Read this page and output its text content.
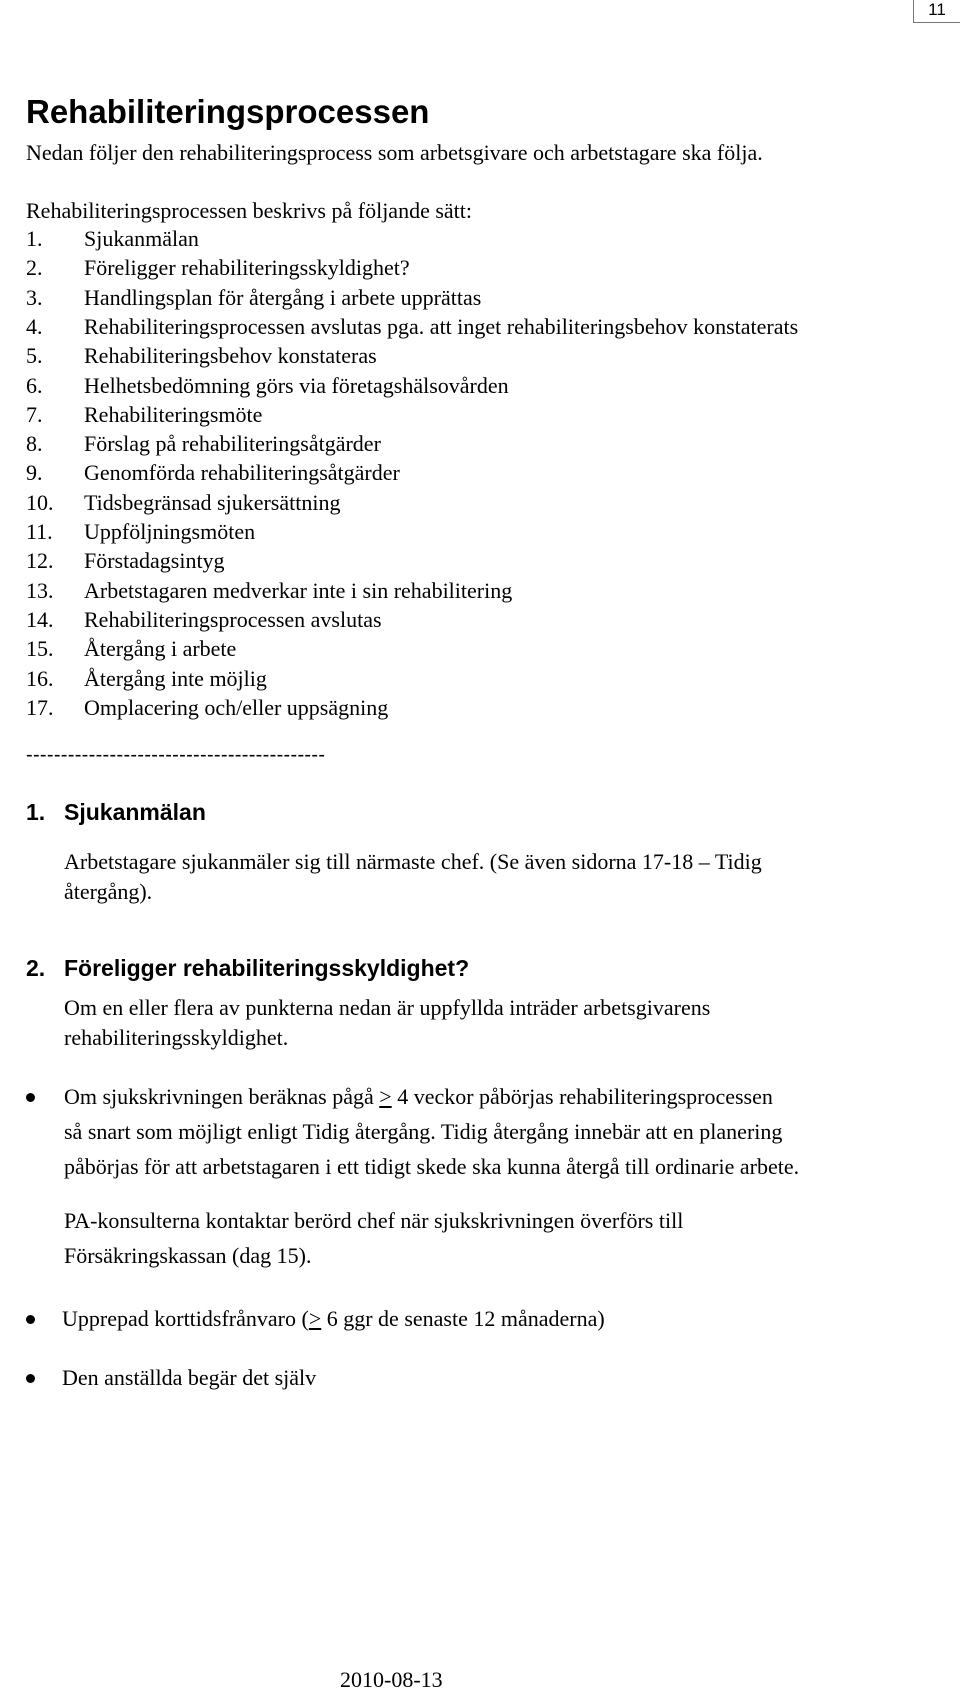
11
Rehabiliteringsprocessen
Nedan följer den rehabiliteringsprocess som arbetsgivare och arbetstagare ska följa.
Rehabiliteringsprocessen beskrivs på följande sätt:
1. Sjukanmälan
2. Föreligger rehabiliteringsskyldighet?
3. Handlingsplan för återgång i arbete upprättas
4. Rehabiliteringsprocessen avslutas pga. att inget rehabiliteringsbehov konstaterats
5. Rehabiliteringsbehov konstateras
6. Helhetsbedömning görs via företagshälsovården
7. Rehabiliteringsmöte
8. Förslag på rehabiliteringsåtgärder
9. Genomförda rehabiliteringsåtgärder
10. Tidsbegränsad sjukersättning
11. Uppföljningsmöten
12. Förstadagsintyg
13. Arbetstagaren medverkar inte i sin rehabilitering
14. Rehabiliteringsprocessen avslutas
15. Återgång i arbete
16. Återgång inte möjlig
17. Omplacering och/eller uppsägning
-------------------------------------------
1. Sjukanmälan
Arbetstagare sjukanmäler sig till närmaste chef. (Se även sidorna 17-18 – Tidig
återgång).
2. Föreligger rehabiliteringsskyldighet?
Om en eller flera av punkterna nedan är uppfyllda inträder arbetsgivarens
rehabiliteringsskyldighet.
Om sjukskrivningen beräknas pågå ≥ 4 veckor påbörjas rehabiliteringsprocessen
så snart som möjligt enligt Tidig återgång. Tidig återgång innebär att en planering
påbörjas för att arbetstagaren i ett tidigt skede ska kunna återgå till ordinarie arbete.
PA-konsulterna kontaktar berörd chef när sjukskrivningen överförs till
Försäkringskassan (dag 15).
Upprepad korttidsfrånvaro (≥ 6 ggr de senaste 12 månaderna)
Den anställda begär det själv
2010-08-13
